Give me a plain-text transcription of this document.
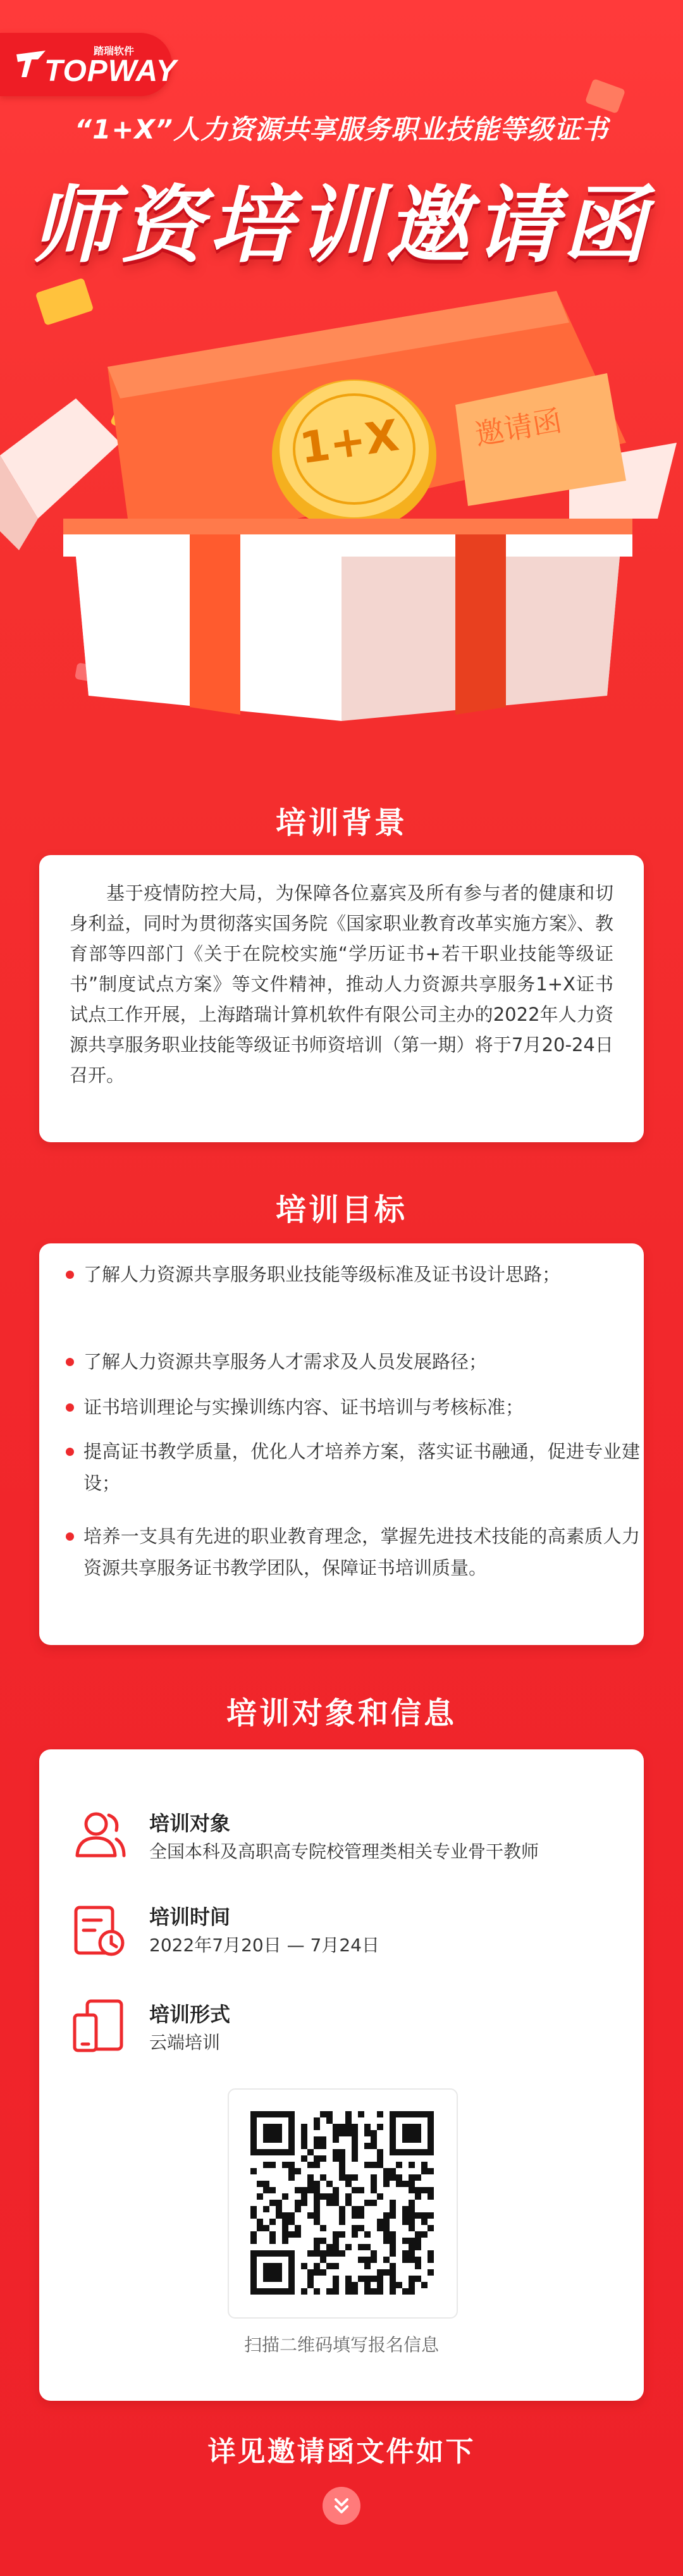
踏瑞软件
TOPWAY
“1+X”人力资源共享服务职业技能等级证书
师资培训邀请函
1+X 邀请函
培训背景
基于疫情防控大局，为保障各位嘉宾及所有参与者的健康和切身利益，同时为贯彻落实国务院《国家职业教育改革实施方案》、教育部等四部门《关于在院校实施“学历证书+若干职业技能等级证书”制度试点方案》等文件精神，推动人力资源共享服务1+X证书试点工作开展，上海踏瑞计算机软件有限公司主办的2022年人力资源共享服务职业技能等级证书师资培训（第一期）将于7月20-24日召开。
培训目标
了解人力资源共享服务职业技能等级标准及证书设计思路；
了解人力资源共享服务人才需求及人员发展路径；
证书培训理论与实操训练内容、证书培训与考核标准；
提高证书教学质量，优化人才培养方案，落实证书融通，促进专业建设；
培养一支具有先进的职业教育理念，掌握先进技术技能的高素质人力资源共享服务证书教学团队，保障证书培训质量。
培训对象和信息
培训对象
全国本科及高职高专院校管理类相关专业骨干教师
培训时间
2022年7月20日 — 7月24日
培训形式
云端培训
扫描二维码填写报名信息
详见邀请函文件如下
